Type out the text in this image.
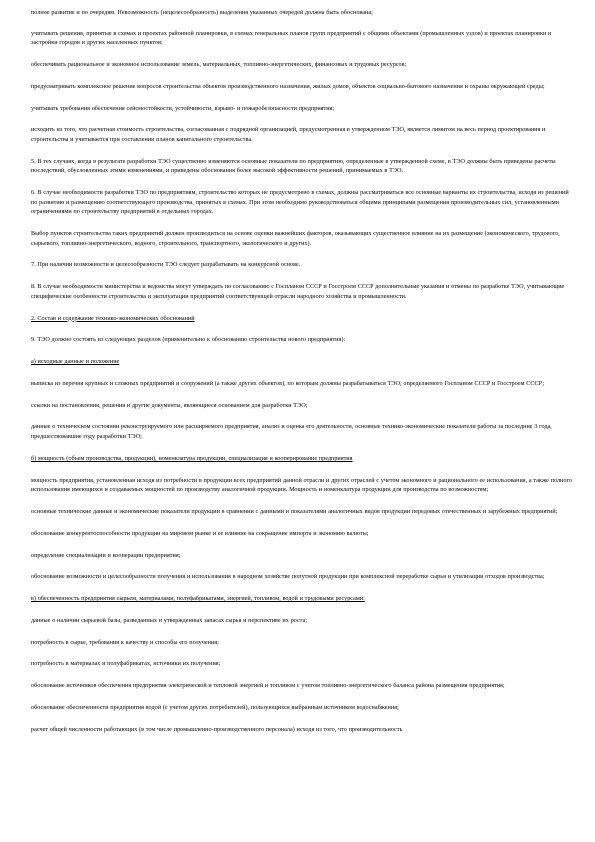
полное развитие и по очередям. Невозможность (нецелесообразность) выделения указанных очередей должна быть обоснована;

учитывать решения, принятые в схемах и проектах районной планировки, в схемах генеральных планов групп предприятий с общими объектами (промышленных узлов) и проектах планировки и застройки городов и других населенных пунктов;

обеспечивать рациональное и экономное использование земель, материальных, топливно-энергетических, финансовых и трудовых ресурсов;

предусматривать комплексное решение вопросов строительства объектов производственного назначения, жилых домов, объектов социально-бытового назначения и охраны окружающей среды;

учитывать требования обеспечения сейсмостойкости, устойчивости, взрыво- и пожаробезопасности предприятия;

исходить из того, что расчетная стоимость строительства, согласованная с подрядной организацией, предусмотренная в утвержденном ТЭО, является лимитом на весь период проектирования и строительства и учитывается при составлении планов капитального строительства.

5. В тех случаях, когда в результате разработки ТЭО существенно изменяются основные показатели по предприятию, определенные в утвержденной схеме, в ТЭО должны быть приведены расчеты последствий, обусловленных этими изменениями, и приведены обоснования более высокой эффективности решений, принимаемых в ТЭО.

6. В случае необходимости разработки ТЭО по предприятиям, строительство которых не предусмотрено в схемах, должны рассматриваться все основные варианты их строительства, исходя из решений по развитию и размещению соответствующего производства, принятых в схемах. При этом необходимо руководствоваться общими принципами размещения производительных сил, установленными ограничениями по строительству предприятий в отдельных городах.

Выбор пунктов строительства таких предприятий должен производиться на основе оценки важнейших факторов, оказывающих существенное влияние на их размещение (экономического, трудового, сырьевого, топливно-энергетического, водного, строительного, транспортного, экологического и других).

7. При наличии возможности и целесообразности ТЭО следует разрабатывать на конкурсной основе.

8. В случае необходимости министерства и ведомства могут утверждать по согласованию с Госпланом СССР и Госстроем СССР дополнительные указания и отмены по разработке ТЭО, учитывающие специфические особенности строительства и эксплуатации предприятий соответствующей отрасли народного хозяйства и промышленности.

2. Состав и содержание технико-экономических обоснований

9. ТЭО должно состоять из следующих разделов (применительно к обоснованию строительства нового предприятия):

а) исходные данные и положение

выписка из перечня крупных и сложных предприятий и сооружений (а также других объектов), по которым должны разрабатываться ТЭО, определяемого Госпланом СССР и Госстроем СССР;

ссылки на постановления, решения и другие документы, являющиеся основанием для разработки ТЭО;

данные о техническом состоянии реконструируемого или расширяемого предприятия, анализ и оценка его деятельности, основные технико-экономические показатели работы за последние 3 года, предшествовавшие году разработки ТЭО;

б) мощность (объем производства, продукции), номенклатура продукции, специализация и кооперирование предприятия

мощность предприятия, установленная исходя из потребности в продукции всех предприятий данной отрасли и других отраслей с учетом экономного и рационального ее использования, а также полного использования имеющихся и создаваемых мощностей по производству аналогичной продукции. Мощность и номенклатура продукции для производства по возможностям;

основные технические данные и экономические показатели продукции в сравнении с данными и показателями аналогичных видов продукции передовых отечественных и зарубежных предприятий;

обоснование конкурентоспособности продукции на мировом рынке и ее влияние на сокращение импорта и экономию валюты;

определение специализации и кооперации предприятия;

обоснование возможности и целесообразности получения и использования в народном хозяйстве попутной продукции при комплексной переработке сырья и утилизации отходов производства;

в) обеспеченность предприятия сырьем, материалами, полуфабрикатами, энергией, топливом, водой и трудовыми ресурсами:

данные о наличии сырьевой базы, разведанных и утвержденных запасах сырья и перспективе их роста;

потребность в сырье, требования к качеству и способы его получения;

потребность в материалах и полуфабрикатах, источники их получения;

обоснование источников обеспечения предприятия электрической и тепловой энергией и топливом с учетом топливно-энергетического баланса района размещения предприятия;

обоснование обеспеченности предприятия водой (с учетом других потребителей), пользующихся выбранным источником водоснабжения;

расчет общей численности работающих (в том числе промышленно-производственного персонала) исходя из того, что производительность
